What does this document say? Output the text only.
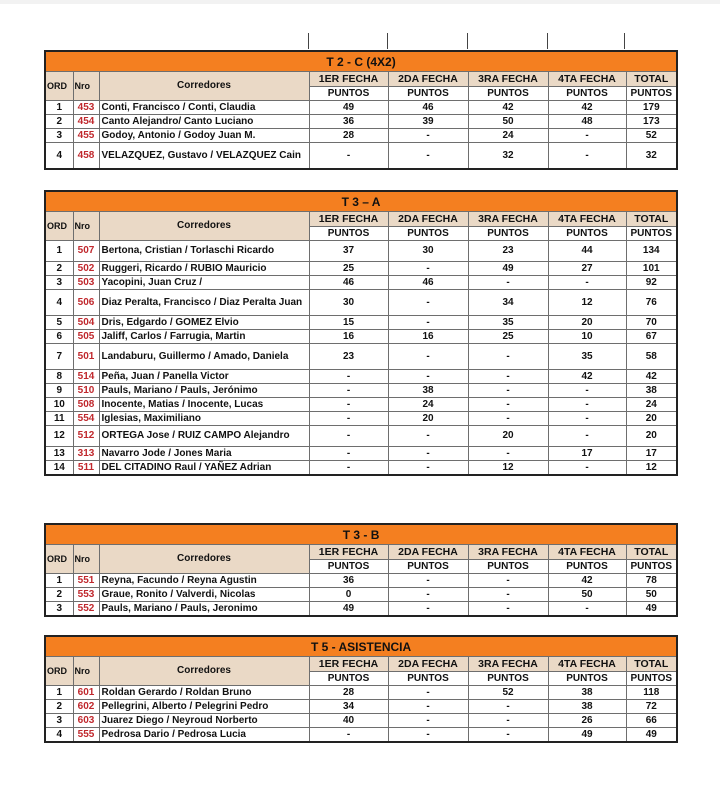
T 2 - C (4X2)							
ORD	Nro	Corredores	1ER FECHA	2DA FECHA	3RA FECHA	4TA FECHA	TOTAL
			PUNTOS	PUNTOS	PUNTOS	PUNTOS	PUNTOS
1	453	Conti, Francisco / Conti, Claudia	49	46	42	42	179
2	454	Canto Alejandro/ Canto Luciano	36	39	50	48	173
3	455	Godoy, Antonio / Godoy Juan M.	28	-	24	-	52
4	458	VELAZQUEZ, Gustavo / VELAZQUEZ Cain	-	-	32	-	32
T 3 – A							
ORD	Nro	Corredores	1ER FECHA	2DA FECHA	3RA FECHA	4TA FECHA	TOTAL
			PUNTOS	PUNTOS	PUNTOS	PUNTOS	PUNTOS
1	507	Bertona, Cristian / Torlaschi Ricardo	37	30	23	44	134
2	502	Ruggeri, Ricardo / RUBIO Mauricio	25	-	49	27	101
3	503	Yacopini, Juan Cruz /	46	46	-	-	92
4	506	Diaz Peralta, Francisco / Diaz Peralta Juan	30	-	34	12	76
5	504	Dris, Edgardo / GOMEZ Elvio	15	-	35	20	70
6	505	Jaliff, Carlos / Farrugia, Martin	16	16	25	10	67
7	501	Landaburu, Guillermo / Amado, Daniela	23	-	-	35	58
8	514	Peña, Juan / Panella Victor	-	-	-	42	42
9	510	Pauls, Mariano / Pauls, Jerónimo	-	38	-	-	38
10	508	Inocente, Matias / Inocente, Lucas	-	24	-	-	24
11	554	Iglesias, Maximiliano	-	20	-	-	20
12	512	ORTEGA Jose / RUIZ CAMPO Alejandro	-	-	20	-	20
13	313	Navarro Jode / Jones Maria	-	-	-	17	17
14	511	DEL CITADINO Raul / YAÑEZ Adrian	-	-	12	-	12
T 3 - B							
ORD	Nro	Corredores	1ER FECHA	2DA FECHA	3RA FECHA	4TA FECHA	TOTAL
			PUNTOS	PUNTOS	PUNTOS	PUNTOS	PUNTOS
1	551	Reyna, Facundo / Reyna Agustin	36	-	-	42	78
2	553	Graue, Ronito / Valverdi, Nicolas	0	-	-	50	50
3	552	Pauls, Mariano / Pauls, Jeronimo	49	-	-	-	49
T 5 - ASISTENCIA							
ORD	Nro	Corredores	1ER FECHA	2DA FECHA	3RA FECHA	4TA FECHA	TOTAL
			PUNTOS	PUNTOS	PUNTOS	PUNTOS	PUNTOS
1	601	Roldan Gerardo / Roldan Bruno	28	-	52	38	118
2	602	Pellegrini, Alberto / Pelegrini Pedro	34	-	-	38	72
3	603	Juarez Diego / Neyroud Norberto	40	-	-	26	66
4	555	Pedrosa Dario / Pedrosa Lucia	-	-	-	49	49
